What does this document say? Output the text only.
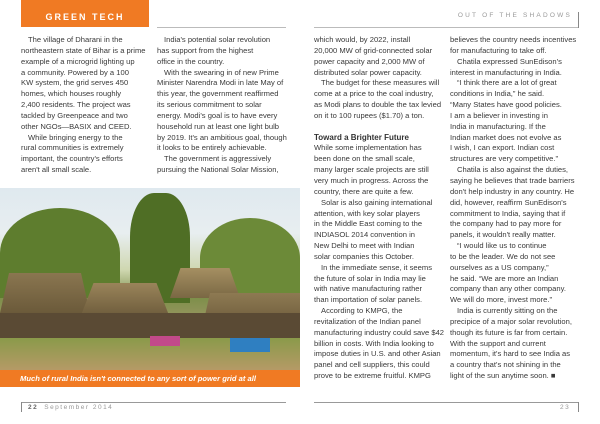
GREEN TECH	OUT OF THE SHADOWS
The village of Dharani in the
northeastern state of Bihar is a prime
example of a microgrid lighting up
a community. Powered by a 100
KW system, the grid serves 450
homes, which houses roughly
2,400 residents. The project was
tackled by Greenpeace and two
other NGOs—BASIX and CEED.
While bringing energy to the
rural communities is extremely
important, the country's efforts
aren't all small scale.
India's potential solar revolution
has support from the highest
office in the country.
With the swearing in of new Prime
Minister Narendra Modi in late May of
this year, the government reaffirmed
its serious commitment to solar
energy. Modi's goal is to have every
household run at least one light bulb
by 2019. It's an ambitious goal, though
it looks to be entirely achievable.
The government is aggressively
pursuing the National Solar Mission,
which would, by 2022, install
20,000 MW of grid-connected solar
power capacity and 2,000 MW of
distributed solar power capacity.
The budget for these measures will
come at a price to the coal industry,
as Modi plans to double the tax levied
on it to 100 rupees ($1.70) a ton.
Toward a Brighter Future
While some implementation has
been done on the small scale,
many larger scale projects are still
very much in progress. Across the
country, there are quite a few.
Solar is also gaining international
attention, with key solar players
in the Middle East coming to the
INDIASOL 2014 convention in
New Delhi to meet with Indian
solar companies this October.
In the immediate sense, it seems
the future of solar in India may lie
with native manufacturing rather
than importation of solar panels.
According to KMPG, the
revitalization of the Indian panel
manufacturing industry could save $42
billion in costs. With India looking to
impose duties in U.S. and other Asian
panel and cell suppliers, this could
prove to be extreme fruitful. KMPG
believes the country needs incentives
for manufacturing to take off.
Chatila expressed SunEdison's
interest in manufacturing in India.
“I think there are a lot of great
conditions in India,” he said.
“Many States have good policies.
I am a believer in investing in
India in manufacturing. If the
Indian market does not evolve as
I wish, I can export. Indian cost
structures are very competitive.”
Chatila is also against the duties,
saying he believes that trade barriers
don't help industry in any country. He
did, however, reaffirm SunEdison's
commitment to India, saying that if
the company had to pay more for
panels, it wouldn't really matter.
“I would like us to continue
to be the leader. We do not see
ourselves as a US company,”
he said. “We are more an Indian
company than any other company.
We will do more, invest more.”
India is currently sitting on the
precipice of a major solar revolution,
though its future is far from certain.
With the support and current
momentum, it's hard to see India as
a country that's not shining in the
light of the sun anytime soon. ■
Much of rural India isn't connected to any sort of power grid at all
22 September 2014	23
